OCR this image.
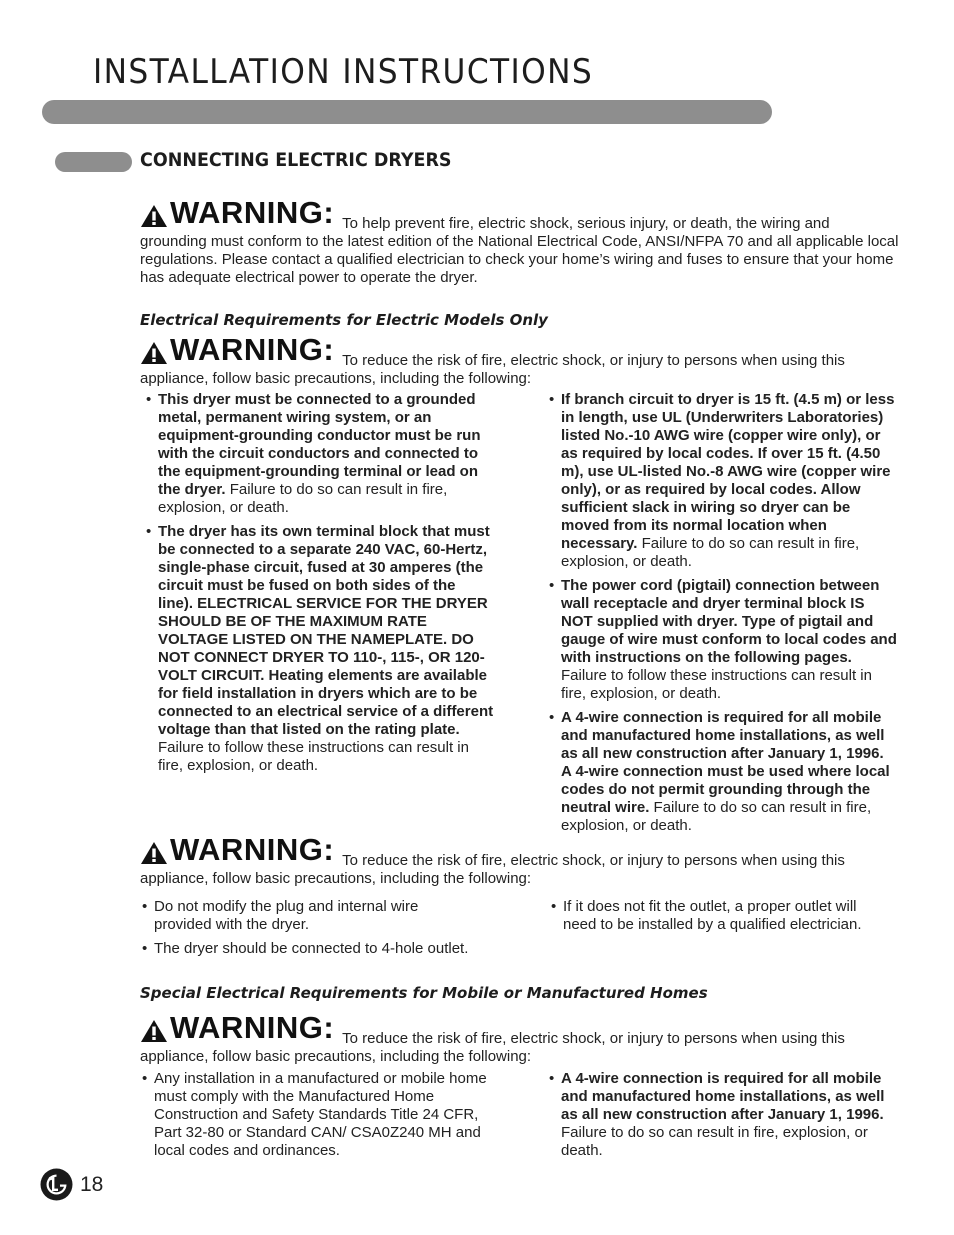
INSTALLATION INSTRUCTIONS
CONNECTING ELECTRIC DRYERS
WARNING: To help prevent fire, electric shock, serious injury, or death, the wiring and grounding must conform to the latest edition of the National Electrical Code, ANSI/NFPA 70 and all applicable local regulations. Please contact a qualified electrician to check your home’s wiring and fuses to ensure that your home has adequate electrical power to operate the dryer.
Electrical Requirements for Electric Models Only
WARNING: To reduce the risk of fire, electric shock, or injury to persons when using this appliance, follow basic precautions, including the following:
• This dryer must be connected to a grounded metal, permanent wiring system, or an equipment-grounding conductor must be run with the circuit conductors and connected to the equipment-grounding terminal or lead on the dryer. Failure to do so can result in fire, explosion, or death.
• The dryer has its own terminal block that must be connected to a separate 240 VAC, 60-Hertz, single-phase circuit, fused at 30 amperes (the circuit must be fused on both sides of the line). ELECTRICAL SERVICE FOR THE DRYER SHOULD BE OF THE MAXIMUM RATE VOLTAGE LISTED ON THE NAMEPLATE. DO NOT CONNECT DRYER TO 110-, 115-, OR 120-VOLT CIRCUIT. Heating elements are available for field installation in dryers which are to be connected to an electrical service of a different voltage than that listed on the rating plate. Failure to follow these instructions can result in fire, explosion, or death.
• If branch circuit to dryer is 15 ft. (4.5 m) or less in length, use UL (Underwriters Laboratories) listed No.-10 AWG wire (copper wire only), or as required by local codes. If over 15 ft. (4.50 m), use UL-listed No.-8 AWG wire (copper wire only), or as required by local codes. Allow sufficient slack in wiring so dryer can be moved from its normal location when necessary. Failure to do so can result in fire, explosion, or death.
• The power cord (pigtail) connection between wall receptacle and dryer terminal block IS NOT supplied with dryer. Type of pigtail and gauge of wire must conform to local codes and with instructions on the following pages. Failure to follow these instructions can result in fire, explosion, or death.
• A 4-wire connection is required for all mobile and manufactured home installations, as well as all new construction after January 1, 1996. A 4-wire connection must be used where local codes do not permit grounding through the neutral wire. Failure to do so can result in fire, explosion, or death.
WARNING: To reduce the risk of fire, electric shock, or injury to persons when using this appliance, follow basic precautions, including the following:
• Do not modify the plug and internal wire provided with the dryer.
• The dryer should be connected to 4-hole outlet.
• If it does not fit the outlet, a proper outlet will need to be installed by a qualified electrician.
Special Electrical Requirements for Mobile or Manufactured Homes
WARNING: To reduce the risk of fire, electric shock, or injury to persons when using this appliance, follow basic precautions, including the following:
• Any installation in a manufactured or mobile home must comply with the Manufactured Home Construction and Safety Standards Title 24 CFR, Part 32-80 or Standard CAN/ CSA0Z240 MH and local codes and ordinances.
• A 4-wire connection is required for all mobile and manufactured home installations, as well as all new construction after January 1, 1996. Failure to do so can result in fire, explosion, or death.
18
